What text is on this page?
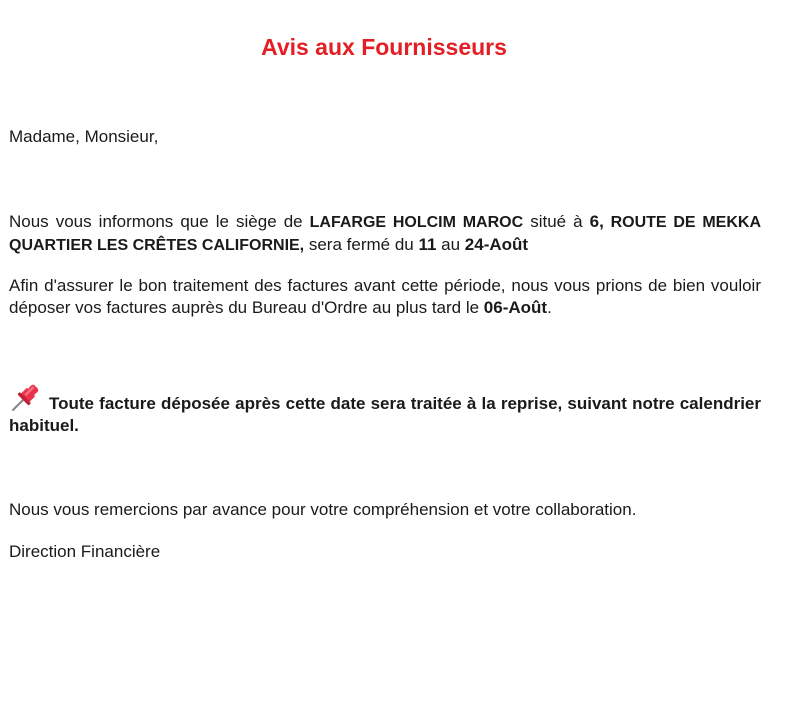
Avis aux Fournisseurs

Madame, Monsieur,

Nous vous informons que le siège de LAFARGE HOLCIM MAROC situé à 6, ROUTE DE MEKKA QUARTIER LES CRÊTES CALIFORNIE, sera fermé du 11 au 24-Août

Afin d'assurer le bon traitement des factures avant cette période, nous vous prions de bien vouloir déposer vos factures auprès du Bureau d'Ordre au plus tard le 06-Août.

Toute facture déposée après cette date sera traitée à la reprise, suivant notre calendrier habituel.

Nous vous remercions par avance pour votre compréhension et votre collaboration.

Direction Financière
